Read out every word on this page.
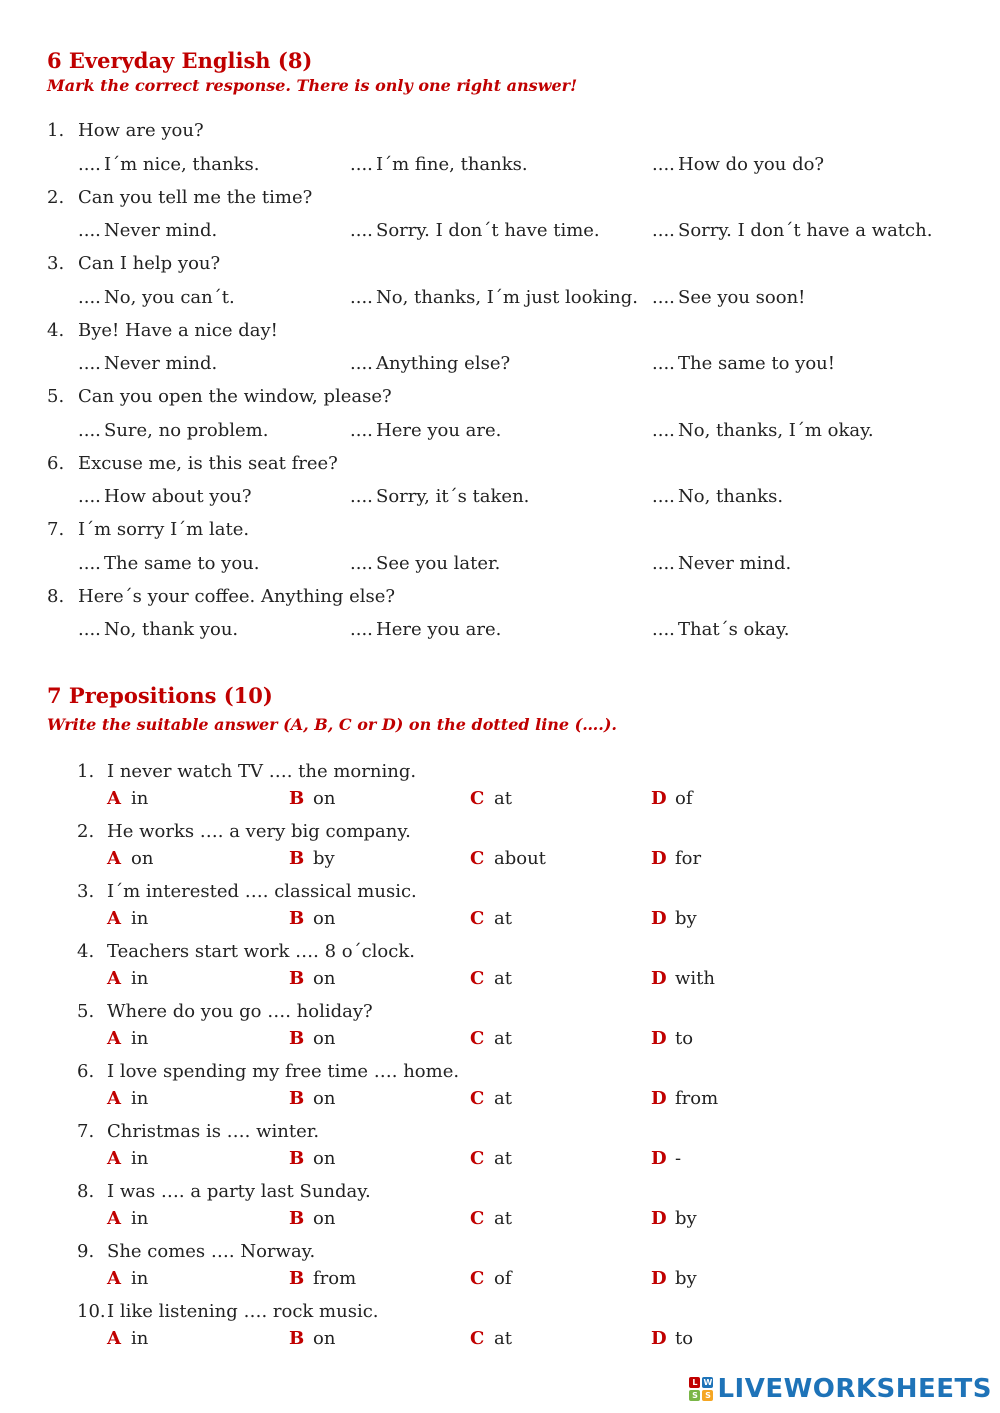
6 Everyday English (8)

Mark the correct response. There is only one right answer!

1. How are you?
.... I´m nice, thanks.	.... I´m fine, thanks.	.... How do you do?
2. Can you tell me the time?
.... Never mind.	.... Sorry. I don´t have time.	.... Sorry. I don´t have a watch.
3. Can I help you?
.... No, you can´t.	.... No, thanks, I´m just looking. .... See you soon!
4. Bye! Have a nice day!
.... Never mind.	.... Anything else?	.... The same to you!
5. Can you open the window, please?
.... Sure, no problem.	.... Here you are.	.... No, thanks, I´m okay.
6. Excuse me, is this seat free?
.... How about you?	.... Sorry, it´s taken.	.... No, thanks.
7. I´m sorry I´m late.
.... The same to you.	.... See you later.	.... Never mind.
8. Here´s your coffee. Anything else?
.... No, thank you.	.... Here you are.	.... That´s okay.
7 Prepositions (10)

Write the suitable answer (A, B, C or D) on the dotted line (….).

1. I never watch TV …. the morning.
A in	B on	C at	D of
2. He works …. a very big company.
A on	B by	C about	D for
3. I´m interested …. classical music.
A in	B on	C at	D by
4. Teachers start work …. 8 o´clock.
A in	B on	C at	D with
5. Where do you go …. holiday?
A in	B on	C at	D to
6. I love spending my free time …. home.
A in	B on	C at	D from
7. Christmas is …. winter.
A in	B on	C at	D -
8. I was …. a party last Sunday.
A in	B on	C at	D by
9. She comes …. Norway.
A in	B from	C of	D by
10. I like listening …. rock music.
A in	B on	C at	D to
L W
S S LIVEWORKSHEETS
